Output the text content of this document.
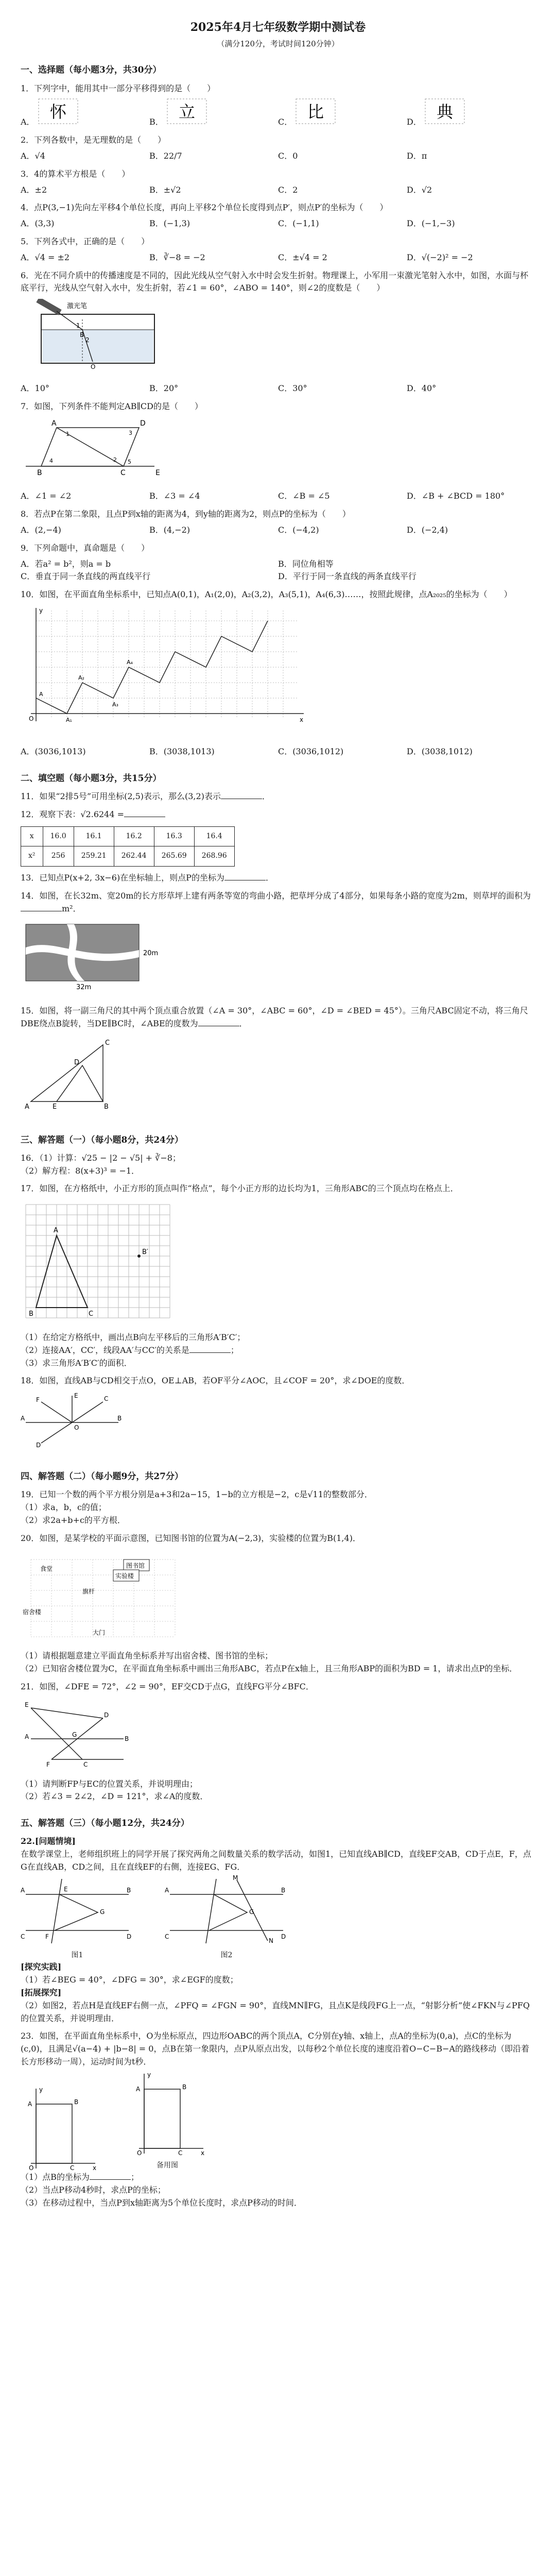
2025年4月七年级数学期中测试卷
（满分120分，考试时间120分钟）
一、选择题（每小题3分，共30分）
1．下列字中，能用其中一部分平移得到的是（　　）
A．
怀
B．
立
C．
比
D．
典
2．下列各数中，是无理数的是（　　）
A．√4	B．22/7	C．0	D．π
3．4的算术平方根是（　　）
A．±2	B．±√2	C．2	D．√2
4．点P(3,−1)先向左平移4个单位长度，再向上平移2个单位长度得到点P′，则点P′的坐标为（　　）
A．(3,3)	B．(−1,3)	C．(−1,1)	D．(−1,−3)
5．下列各式中，正确的是（　　）
A．√4 = ±2	B．∛−8 = −2	C．±√4 = 2	D．√(−2)² = −2
6．光在不同介质中的传播速度是不同的，因此光线从空气射入水中时会发生折射。物理课上，小军用一束激光笔射入水中，如图，水面与杯底平行，光线从空气射入水中，发生折射，若∠1 = 60°，∠ABO = 140°，则∠2的度数是（　　）
激光笔
1
2
B
O
A．10°	B．20°	C．30°	D．40°
7．如图，下列条件不能判定AB∥CD的是（　　）
A	D
B	C	E
1
2
3
4	5
A．∠1 = ∠2	B．∠3 = ∠4	C．∠B = ∠5	D．∠B + ∠BCD = 180°
8．若点P在第二象限，且点P到x轴的距离为4，到y轴的距离为2，则点P的坐标为（　　）
A．(2,−4)	B．(4,−2)	C．(−4,2)	D．(−2,4)
9．下列命题中，真命题是（　　）
A．若a² = b²，则a = b	B．同位角相等
C．垂直于同一条直线的两直线平行	D．平行于同一条直线的两条直线平行
10．如图，在平面直角坐标系中，已知点A(0,1)，A₁(2,0)，A₂(3,2)，A₃(5,1)，A₄(6,3)……，按照此规律，点A₂₀₂₅的坐标为（　　）
O	x
y
A
A₁
A₂
A₃
A₄
A．(3036,1013)	B．(3038,1013)	C．(3036,1012)	D．(3038,1012)
二、填空题（每小题3分，共15分）
11．如果“2排5号”可用坐标(2,5)表示，那么(3,2)表示	．
12．观察下表：√2.6244 =
x	16.0	16.1	16.2	16.3	16.4
x²	256	259.21	262.44	265.69	268.96
13．已知点P(x+2, 3x−6)在坐标轴上，则点P的坐标为	．
14．如图，在长32m、宽20m的长方形草坪上建有两条等宽的弯曲小路，把草坪分成了4部分，如果每条小路的宽度为2m，则草坪的面积为m²．
20m
32m
15．如图，将一副三角尺的其中两个顶点重合放置（∠A = 30°，∠ABC = 60°，∠D = ∠BED = 45°）。三角尺ABC固定不动，将三角尺DBE绕点B旋转，当DE∥BC时，∠ABE的度数为	．
A	B
C
D
E
三、解答题（一）（每小题8分，共24分）
16．（1）计算：√25 − |2 − √5| + ∛−8；
（2）解方程：8(x+3)³ = −1．
17．如图，在方格纸中，小正方形的顶点叫作“格点”，每个小正方形的边长均为1，三角形ABC的三个顶点均在格点上．
A
B	C
B′
（1）在给定方格纸中，画出点B向左平移后的三角形A′B′C′；
（2）连接AA′，CC′，线段AA′与CC′的关系是	；
（3）求三角形A′B′C′的面积．
18．如图，直线AB与CD相交于点O，OE⊥AB，若OF平分∠AOC，且∠COF = 20°，求∠DOE的度数．
A	B
C
D
E
F
O
四、解答题（二）（每小题9分，共27分）
19．已知一个数的两个平方根分别是a+3和2a−15，1−b的立方根是−2，c是√11的整数部分．
（1）求a，b，c的值；
（2）求2a+b+c的平方根．
20．如图，是某学校的平面示意图，已知图书馆的位置为A(−2,3)，实验楼的位置为B(1,4)．
食堂	图书馆
实验楼
旗杆
宿舍楼
大门
（1）请根据题意建立平面直角坐标系并写出宿舍楼、图书馆的坐标；
（2）已知宿舍楼位置为C，在平面直角坐标系中画出三角形ABC，若点P在x轴上，且三角形ABP的面积为BD = 1，请求出点P的坐标．
21．如图，∠DFE = 72°，∠2 = 90°，EF交CD于点G，直线FG平分∠BFC．
E
D
A	B
F	C
G
（1）请判断FP与EC的位置关系，并说明理由；
（2）若∠3 = 2∠2，∠D = 121°，求∠A的度数．
五、解答题（三）（每小题12分，共24分）
22.[问题情境]
在数学课堂上，老师组织班上的同学开展了探究两角之间数量关系的数学活动，如图1，已知直线AB∥CD，直线EF交AB，CD于点E，F，点G在直线AB，CD之间，且在直线EF的右侧，连接EG、FG．
A	B
C	D
E
F
G
图1
A	B
C	D
M
N
G
图2
[探究实践]
（1）若∠BEG = 40°，∠DFG = 30°，求∠EGF的度数；
[拓展探究]
（2）如图2，若点H是直线EF右侧一点，∠PFQ = ∠FGN = 90°，直线MN∥FG，且点K是线段FG上一点，“射影分析”使∠FKN与∠PFQ的位置关系，并说明理由．
23．如图，在平面直角坐标系中，O为坐标原点，四边形OABC的两个顶点A，C分别在y轴、x轴上，点A的坐标为(0,a)，点C的坐标为(c,0)，且满足√(a−4) + |b−8| = 0，点B在第一象限内，点P从原点出发，以每秒2个单位长度的速度沿着O−C−B−A的路线移动（即沿着长方形移动一周），运动时间为t秒．
A	B
C
O	x
y	A	B
C
O	x
y
备用图
（1）点B的坐标为	；
（2）当点P移动4秒时，求点P的坐标；
（3）在移动过程中，当点P到x轴距离为5个单位长度时，求点P移动的时间．
